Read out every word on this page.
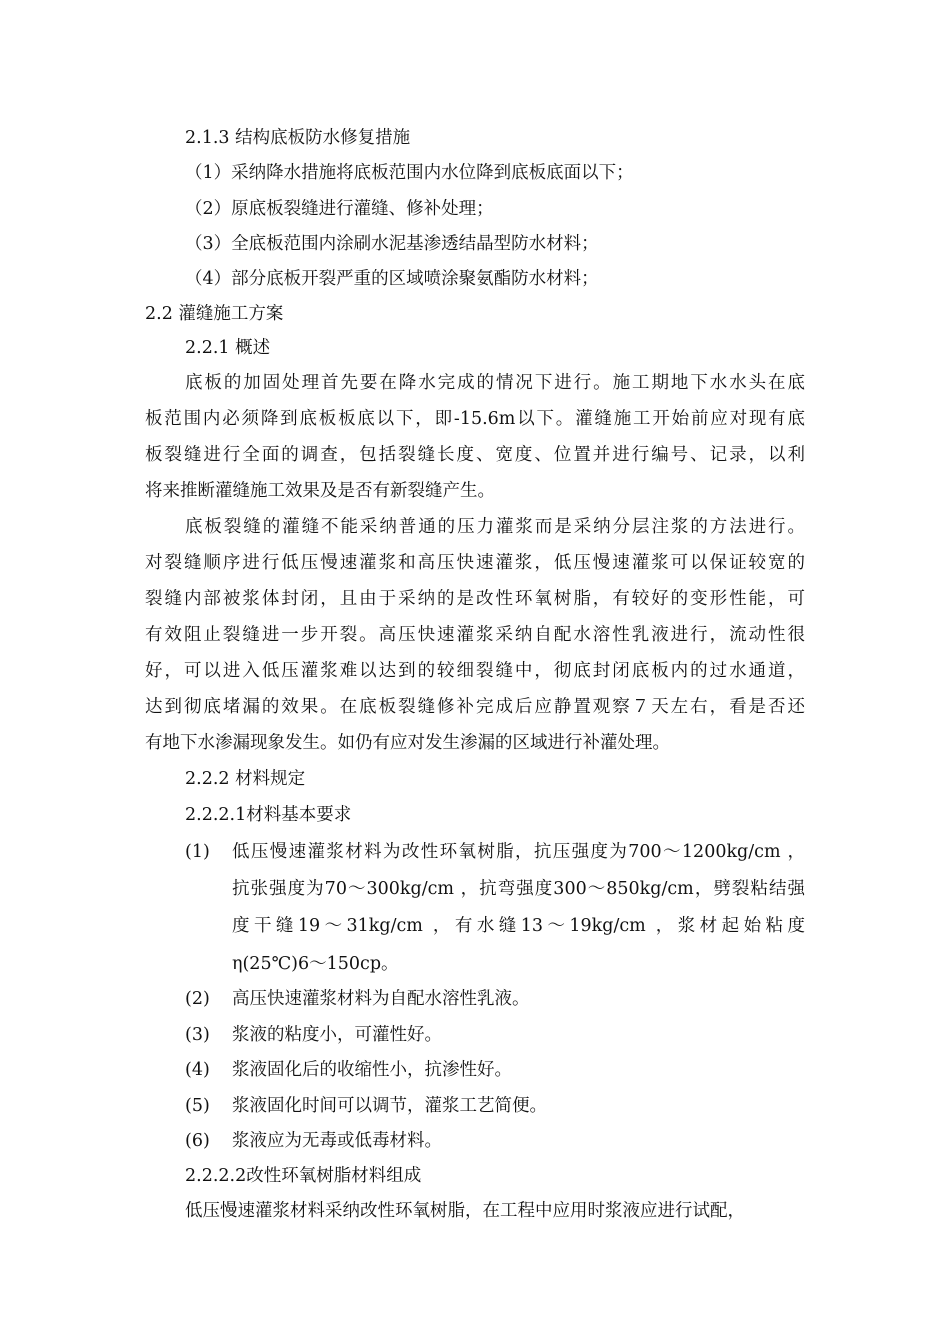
2.1.3 结构底板防水修复措施

（1）采纳降水措施将底板范围内水位降到底板底面以下；

（2）原底板裂缝进行灌缝、修补处理；

（3）全底板范围内涂刷水泥基渗透结晶型防水材料；

（4）部分底板开裂严重的区域喷涂聚氨酯防水材料；

2.2 灌缝施工方案

2.2.1 概述

底板的加固处理首先要在降水完成的情况下进行。施工期地下水水头在底

板范围内必须降到底板板底以下，即-15.6m以下。灌缝施工开始前应对现有底

板裂缝进行全面的调查，包括裂缝长度、宽度、位置并进行编号、记录，以利

将来推断灌缝施工效果及是否有新裂缝产生。

底板裂缝的灌缝不能采纳普通的压力灌浆而是采纳分层注浆的方法进行。

对裂缝顺序进行低压慢速灌浆和高压快速灌浆，低压慢速灌浆可以保证较宽的

裂缝内部被浆体封闭，且由于采纳的是改性环氧树脂，有较好的变形性能，可

有效阻止裂缝进一步开裂。高压快速灌浆采纳自配水溶性乳液进行，流动性很

好，可以进入低压灌浆难以达到的较细裂缝中，彻底封闭底板内的过水通道，

达到彻底堵漏的效果。在底板裂缝修补完成后应静置观察７天左右，看是否还

有地下水渗漏现象发生。如仍有应对发生渗漏的区域进行补灌处理。

2.2.2 材料规定

2.2.2.1材料基本要求

(1) 低压慢速灌浆材料为改性环氧树脂，抗压强度为700～1200kg/cm ，

抗张强度为70～300kg/cm ，抗弯强度300～850kg/cm，劈裂粘结强

度干缝19～31kg/cm ，有水缝13～19kg/cm ，浆材起始粘度

η(25℃)6～150cp。

(2) 高压快速灌浆材料为自配水溶性乳液。

(3) 浆液的粘度小，可灌性好。

(4) 浆液固化后的收缩性小，抗渗性好。

(5) 浆液固化时间可以调节，灌浆工艺简便。

(6) 浆液应为无毒或低毒材料。

2.2.2.2改性环氧树脂材料组成

低压慢速灌浆材料采纳改性环氧树脂，在工程中应用时浆液应进行试配，
